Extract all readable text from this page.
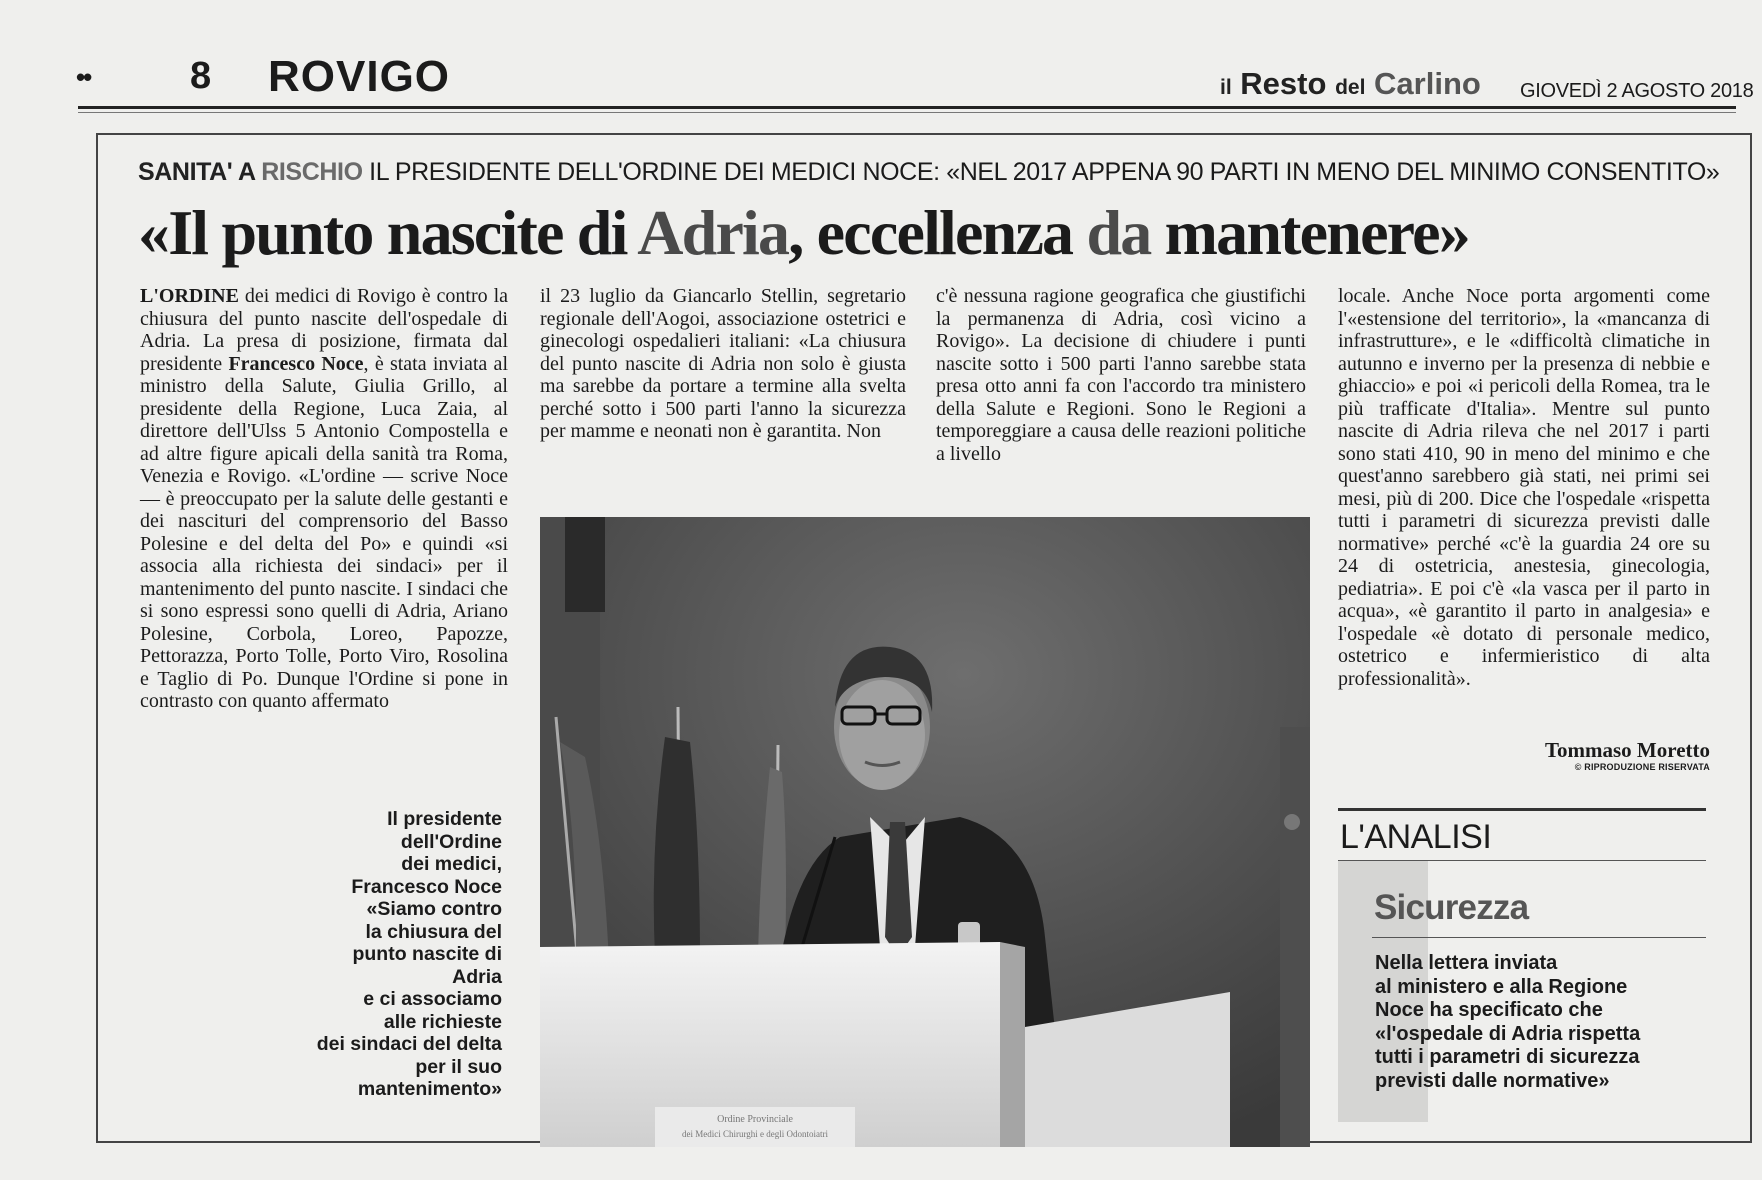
••	8 ROVIGO	il Resto del Carlino GIOVEDÌ 2 AGOSTO 2018
SANITA' A RISCHIO IL PRESIDENTE DELL'ORDINE DEI MEDICI NOCE: «NEL 2017 APPENA 90 PARTI IN MENO DEL MINIMO CONSENTITO»
«Il punto nascite di Adria, eccellenza da mantenere»
L'ORDINE dei medici di Rovigo è contro la chiusura del punto nascite dell'ospedale di Adria. La presa di posizione, firmata dal presidente Francesco Noce, è stata inviata al ministro della Salute, Giulia Grillo, al presidente della Regione, Luca Zaia, al direttore dell'Ulss 5 Antonio Compostella e ad altre figure apicali della sanità tra Roma, Venezia e Rovigo. «L'ordine — scrive Noce — è preoccupato per la salute delle gestanti e dei nascituri del comprensorio del Basso Polesine e del delta del Po» e quindi «si associa alla richiesta dei sindaci» per il mantenimento del punto nascite. I sindaci che si sono espressi sono quelli di Adria, Ariano Polesine, Corbola, Loreo, Papozze, Pettorazza, Porto Tolle, Porto Viro, Rosolina e Taglio di Po. Dunque l'Ordine si pone in contrasto con quanto affermato
il 23 luglio da Giancarlo Stellin, segretario regionale dell'Aogoi, associazione ostetrici e ginecologi ospedalieri italiani: «La chiusura del punto nascite di Adria non solo è giusta ma sarebbe da portare a termine alla svelta perché sotto i 500 parti l'anno la sicurezza per mamme e neonati non è garantita. Non
c'è nessuna ragione geografica che giustifichi la permanenza di Adria, così vicino a Rovigo». La decisione di chiudere i punti nascite sotto i 500 parti l'anno sarebbe stata presa otto anni fa con l'accordo tra ministero della Salute e Regioni. Sono le Regioni a temporeggiare a causa delle reazioni politiche a livello
locale. Anche Noce porta argomenti come l'«estensione del territorio», la «mancanza di infrastrutture», e le «difficoltà climatiche in autunno e inverno per la presenza di nebbie e ghiaccio» e poi «i pericoli della Romea, tra le più trafficate d'Italia». Mentre sul punto nascite di Adria rileva che nel 2017 i parti sono stati 410, 90 in meno del minimo e che quest'anno sarebbero già stati, nei primi sei mesi, più di 200. Dice che l'ospedale «rispetta tutti i parametri di sicurezza previsti dalle normative» perché «c'è la guardia 24 ore su 24 di ostetricia, anestesia, ginecologia, pediatria». E poi c'è «la vasca per il parto in acqua», «è garantito il parto in analgesia» e l'ospedale «è dotato di personale medico, ostetrico e infermieristico di alta professionalità».
Tommaso Moretto
© RIPRODUZIONE RISERVATA
Il presidente
dell'Ordine
dei medici,
Francesco Noce
«Siamo contro
la chiusura del
punto nascite di
Adria
e ci associamo
alle richieste
dei sindaci del delta
per il suo
mantenimento»
Ordine Provinciale
dei Medici Chirurghi e degli Odontoiatri
L'ANALISI
Sicurezza
Nella lettera inviata
al ministero e alla Regione
Noce ha specificato che
«l'ospedale di Adria rispetta
tutti i parametri di sicurezza
previsti dalle normative»
